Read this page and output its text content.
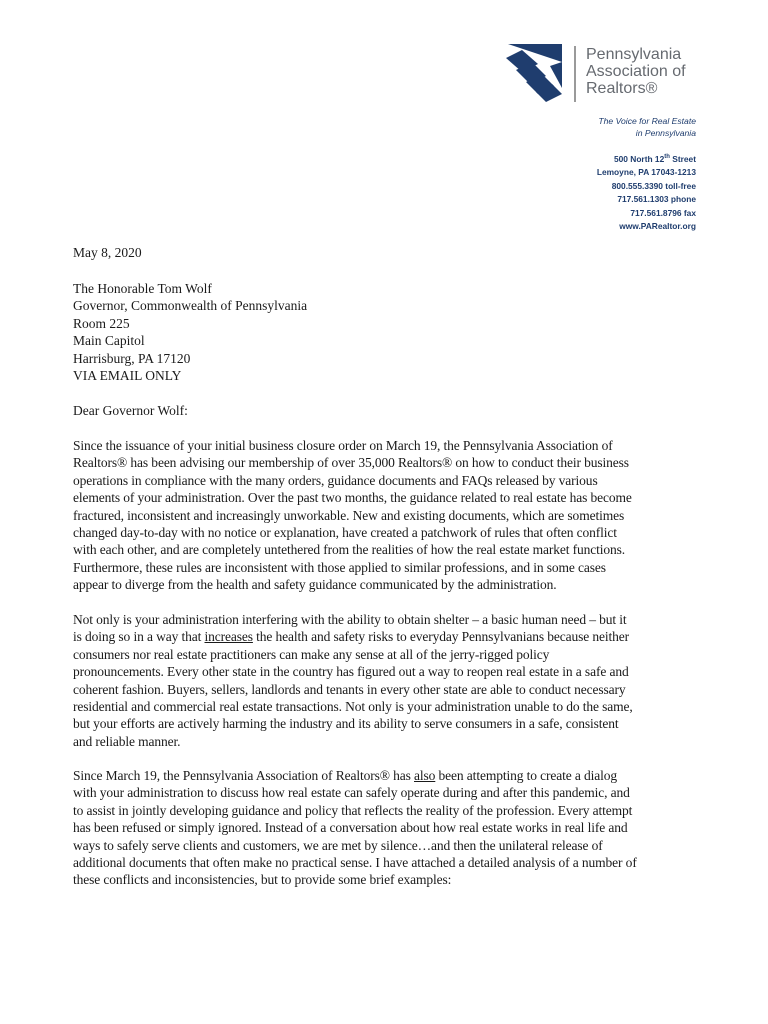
Pennsylvania
Association of
Realtors®
The Voice for Real Estate
in Pennsylvania
500 North 12th Street
Lemoyne, PA 17043-1213
800.555.3390 toll-free
717.561.1303 phone
717.561.8796 fax
www.PARealtor.org
May 8, 2020
The Honorable Tom Wolf
Governor, Commonwealth of Pennsylvania
Room 225
Main Capitol
Harrisburg, PA 17120
VIA EMAIL ONLY
Dear Governor Wolf:
Since the issuance of your initial business closure order on March 19, the Pennsylvania Association of
Realtors® has been advising our membership of over 35,000 Realtors® on how to conduct their business
operations in compliance with the many orders, guidance documents and FAQs released by various
elements of your administration. Over the past two months, the guidance related to real estate has become
fractured, inconsistent and increasingly unworkable. New and existing documents, which are sometimes
changed day-to-day with no notice or explanation, have created a patchwork of rules that often conflict
with each other, and are completely untethered from the realities of how the real estate market functions.
Furthermore, these rules are inconsistent with those applied to similar professions, and in some cases
appear to diverge from the health and safety guidance communicated by the administration.
Not only is your administration interfering with the ability to obtain shelter – a basic human need – but it
is doing so in a way that increases the health and safety risks to everyday Pennsylvanians because neither
consumers nor real estate practitioners can make any sense at all of the jerry-rigged policy
pronouncements. Every other state in the country has figured out a way to reopen real estate in a safe and
coherent fashion. Buyers, sellers, landlords and tenants in every other state are able to conduct necessary
residential and commercial real estate transactions. Not only is your administration unable to do the same,
but your efforts are actively harming the industry and its ability to serve consumers in a safe, consistent
and reliable manner.
Since March 19, the Pennsylvania Association of Realtors® has also been attempting to create a dialog
with your administration to discuss how real estate can safely operate during and after this pandemic, and
to assist in jointly developing guidance and policy that reflects the reality of the profession. Every attempt
has been refused or simply ignored. Instead of a conversation about how real estate works in real life and
ways to safely serve clients and customers, we are met by silence…and then the unilateral release of
additional documents that often make no practical sense. I have attached a detailed analysis of a number of
these conflicts and inconsistencies, but to provide some brief examples:
